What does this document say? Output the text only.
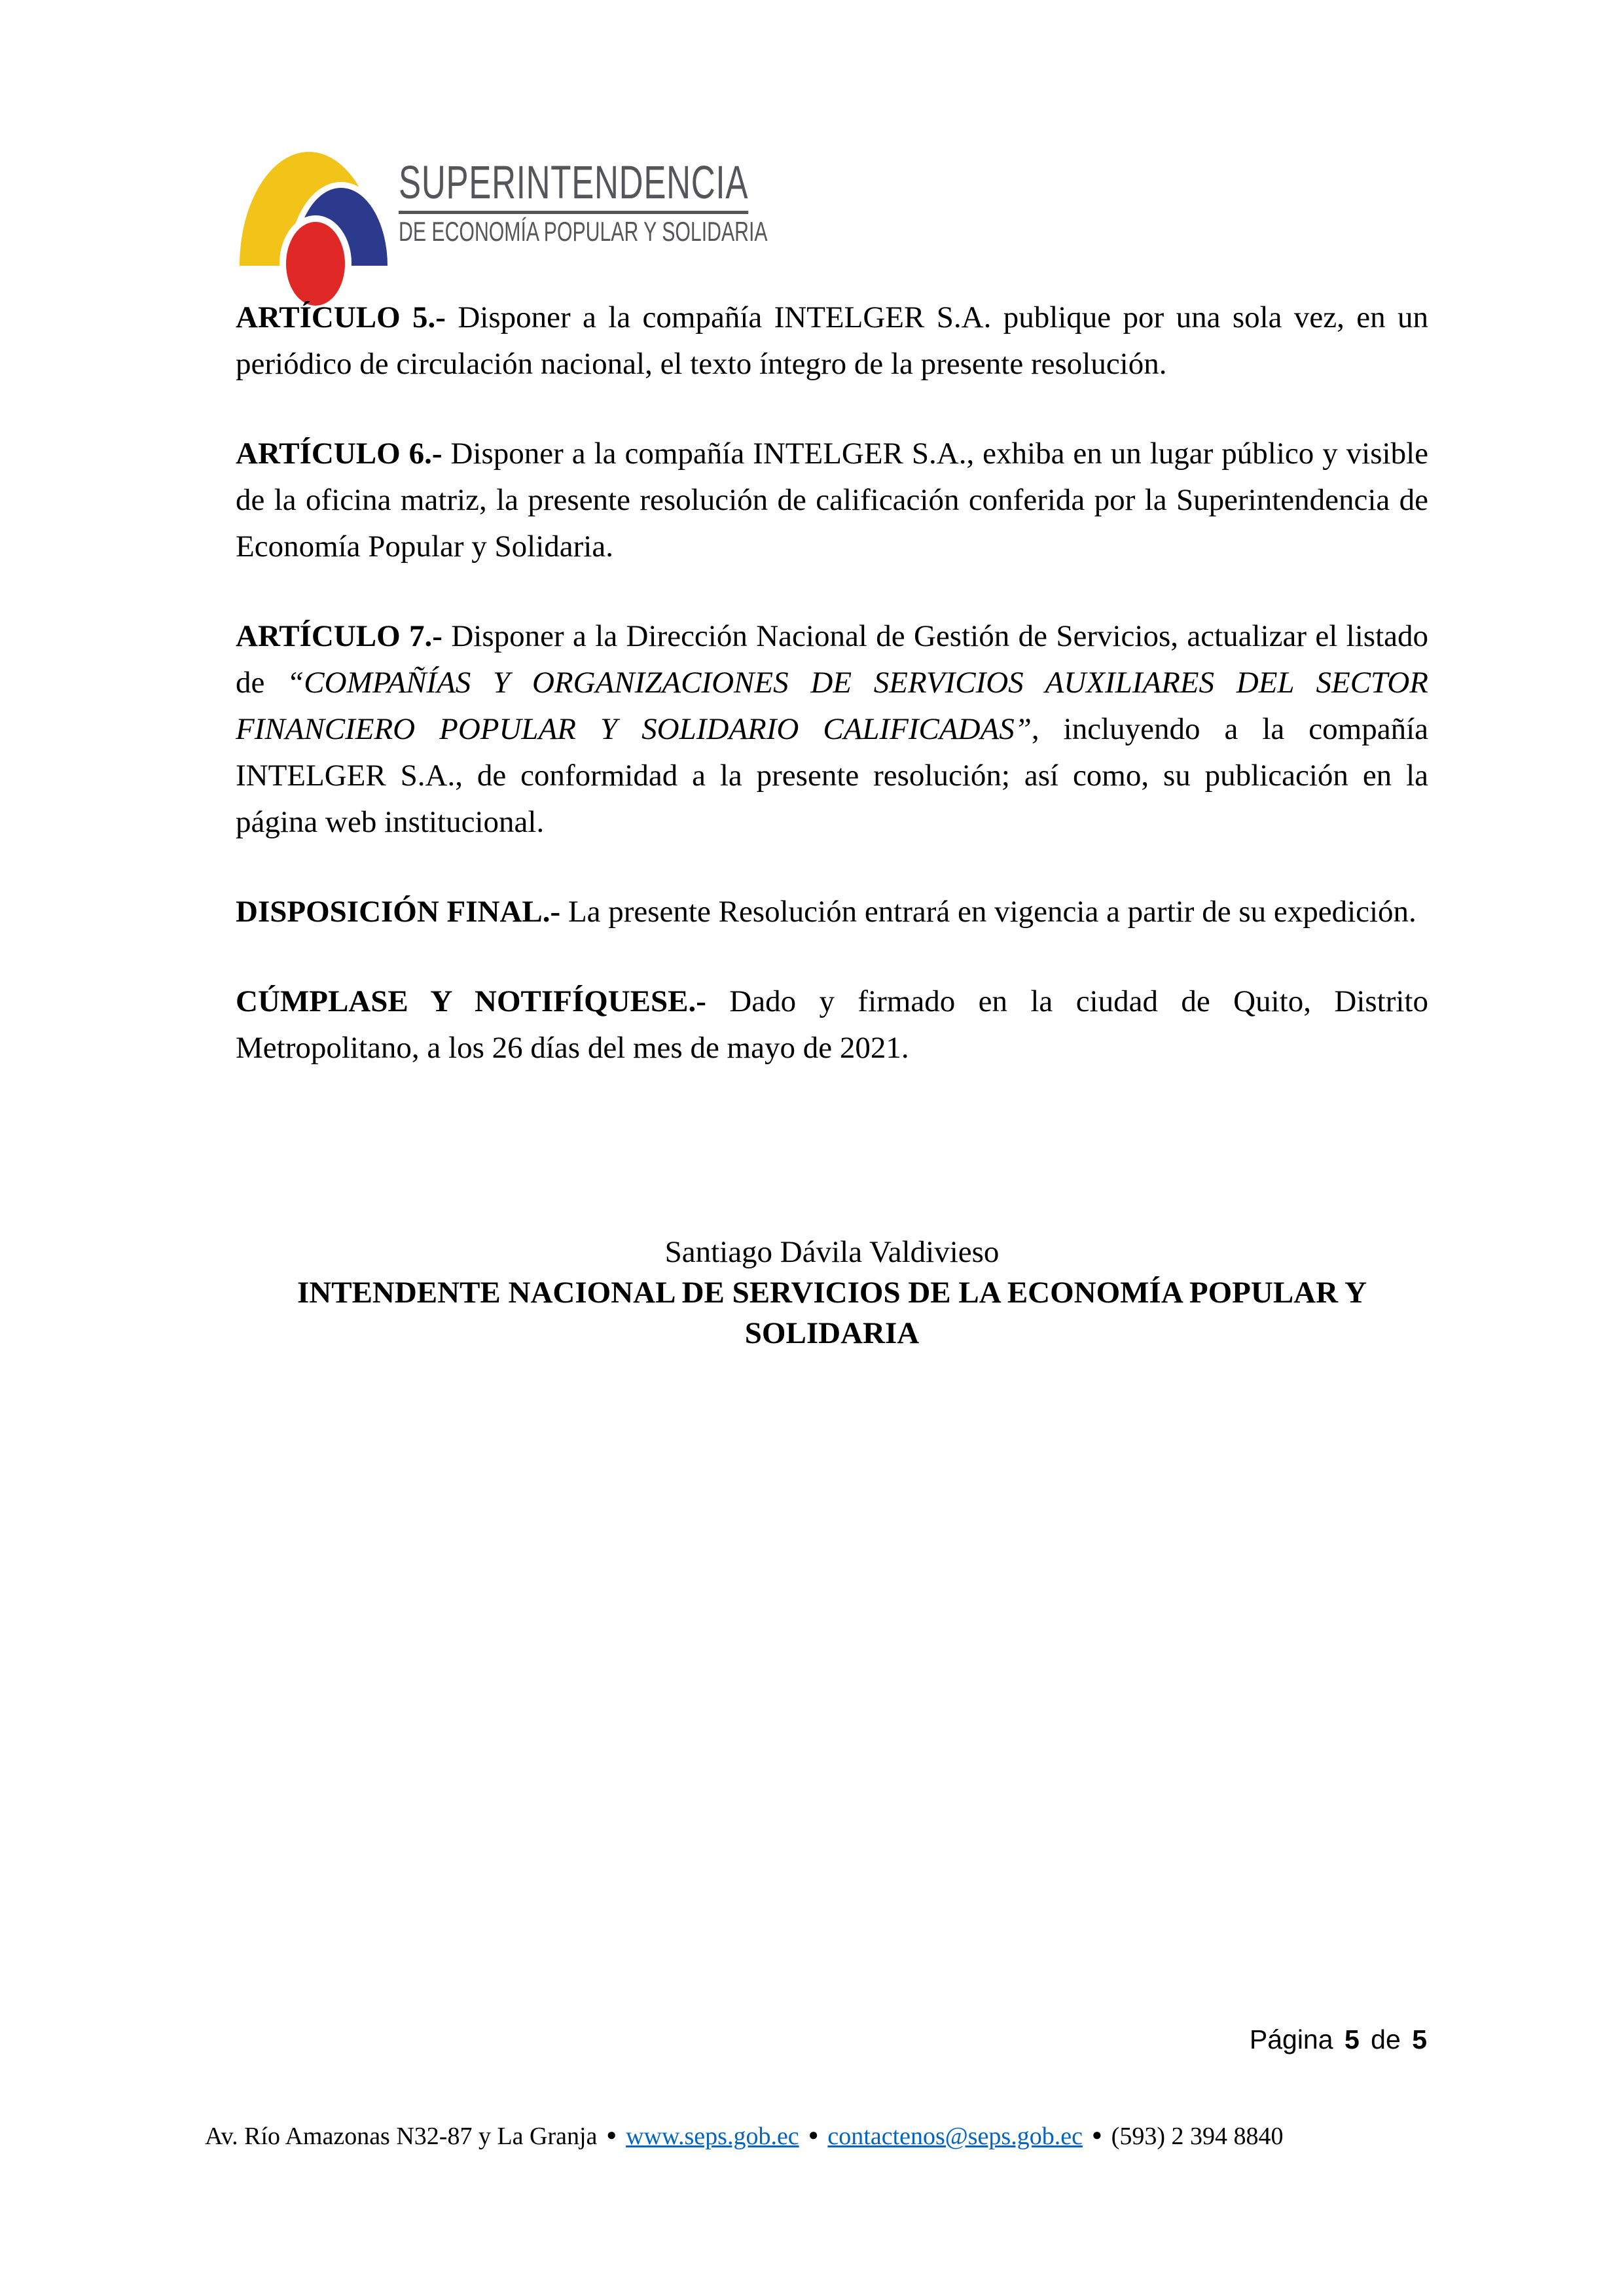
SUPERINTENDENCIA
DE ECONOMÍA POPULAR Y SOLIDARIA

ARTÍCULO 5.- Disponer a la compañía INTELGER S.A. publique por una sola vez, en un periódico de circulación nacional, el texto íntegro de la presente resolución.

ARTÍCULO 6.- Disponer a la compañía INTELGER S.A., exhiba en un lugar público y visible de la oficina matriz, la presente resolución de calificación conferida por la Superintendencia de Economía Popular y Solidaria.

ARTÍCULO 7.- Disponer a la Dirección Nacional de Gestión de Servicios, actualizar el listado de “COMPAÑÍAS Y ORGANIZACIONES DE SERVICIOS AUXILIARES DEL SECTOR FINANCIERO POPULAR Y SOLIDARIO CALIFICADAS”, incluyendo a la compañía INTELGER S.A., de conformidad a la presente resolución; así como, su publicación en la página web institucional.

DISPOSICIÓN FINAL.- La presente Resolución entrará en vigencia a partir de su expedición.

CÚMPLASE Y NOTIFÍQUESE.- Dado y firmado en la ciudad de Quito, Distrito Metropolitano, a los 26 días del mes de mayo de 2021.

Santiago Dávila Valdivieso
INTENDENTE NACIONAL DE SERVICIOS DE LA ECONOMÍA POPULAR Y
SOLIDARIA
Página 5 de 5
Av. Río Amazonas N32-87 y La Granja ● www.seps.gob.ec ● contactenos@seps.gob.ec ● (593) 2 394 8840
